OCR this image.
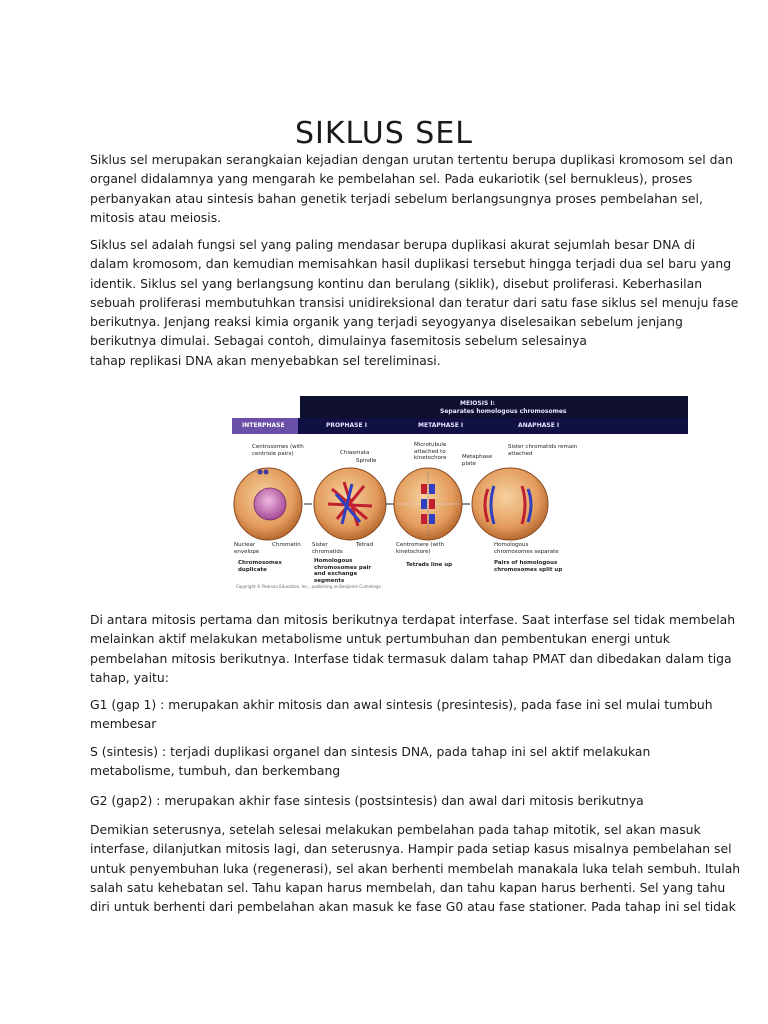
SIKLUS SEL

Siklus sel merupakan serangkaian kejadian dengan urutan tertentu berupa duplikasi kromosom sel dan
organel didalamnya yang mengarah ke pembelahan sel. Pada eukariotik (sel bernukleus), proses
perbanyakan atau sintesis bahan genetik terjadi sebelum berlangsungnya proses pembelahan sel,
mitosis atau meiosis.

Siklus sel adalah fungsi sel yang paling mendasar berupa duplikasi akurat sejumlah besar DNA di
dalam kromosom, dan kemudian memisahkan hasil duplikasi tersebut hingga terjadi dua sel baru yang
identik. Siklus sel yang berlangsung kontinu dan berulang (siklik), disebut proliferasi. Keberhasilan
sebuah proliferasi membutuhkan transisi unidireksional dan teratur dari satu fase siklus sel menuju fase
berikutnya. Jenjang reaksi kimia organik yang terjadi seyogyanya diselesaikan sebelum jenjang
berikutnya dimulai. Sebagai contoh, dimulainya fasemitosis sebelum selesainya
tahap replikasi DNA akan menyebabkan sel tereliminasi.

MEIOSIS I:
Separates homologous chromosomes
INTERPHASE	PROPHASE I	METAPHASE I	ANAPHASE I
Centrosomes (with centriole pairs)
Nuclear envelope
Chromatin
Chiasmata
Spindle
Sister chromatids
Tetrad
Microtubule attached to kinetochore	Metaphase plate
Centromere (with kinetochore)
Sister chromatids remain attached
Homologous chromosomes separate
Chromosomes duplicate
Homologous chromosomes pair and exchange segments
Tetrads line up	Pairs of homologous chromosomes split up
Copyright © Pearson Education, Inc., publishing as Benjamin Cummings

Di antara mitosis pertama dan mitosis berikutnya terdapat interfase. Saat interfase sel tidak membelah
melainkan aktif melakukan metabolisme untuk pertumbuhan dan pembentukan energi untuk
pembelahan mitosis berikutnya. Interfase tidak termasuk dalam tahap PMAT dan dibedakan dalam tiga
tahap, yaitu:

G1 (gap 1) : merupakan akhir mitosis dan awal sintesis (presintesis), pada fase ini sel mulai tumbuh
membesar

S (sintesis) : terjadi duplikasi organel dan sintesis DNA, pada tahap ini sel aktif melakukan
metabolisme, tumbuh, dan berkembang

G2 (gap2) : merupakan akhir fase sintesis (postsintesis) dan awal dari mitosis berikutnya

Demikian seterusnya, setelah selesai melakukan pembelahan pada tahap mitotik, sel akan masuk
interfase, dilanjutkan mitosis lagi, dan seterusnya. Hampir pada setiap kasus misalnya pembelahan sel
untuk penyembuhan luka (regenerasi), sel akan berhenti membelah manakala luka telah sembuh. Itulah
salah satu kehebatan sel. Tahu kapan harus membelah, dan tahu kapan harus berhenti. Sel yang tahu
diri untuk berhenti dari pembelahan akan masuk ke fase G0 atau fase stationer. Pada tahap ini sel tidak
